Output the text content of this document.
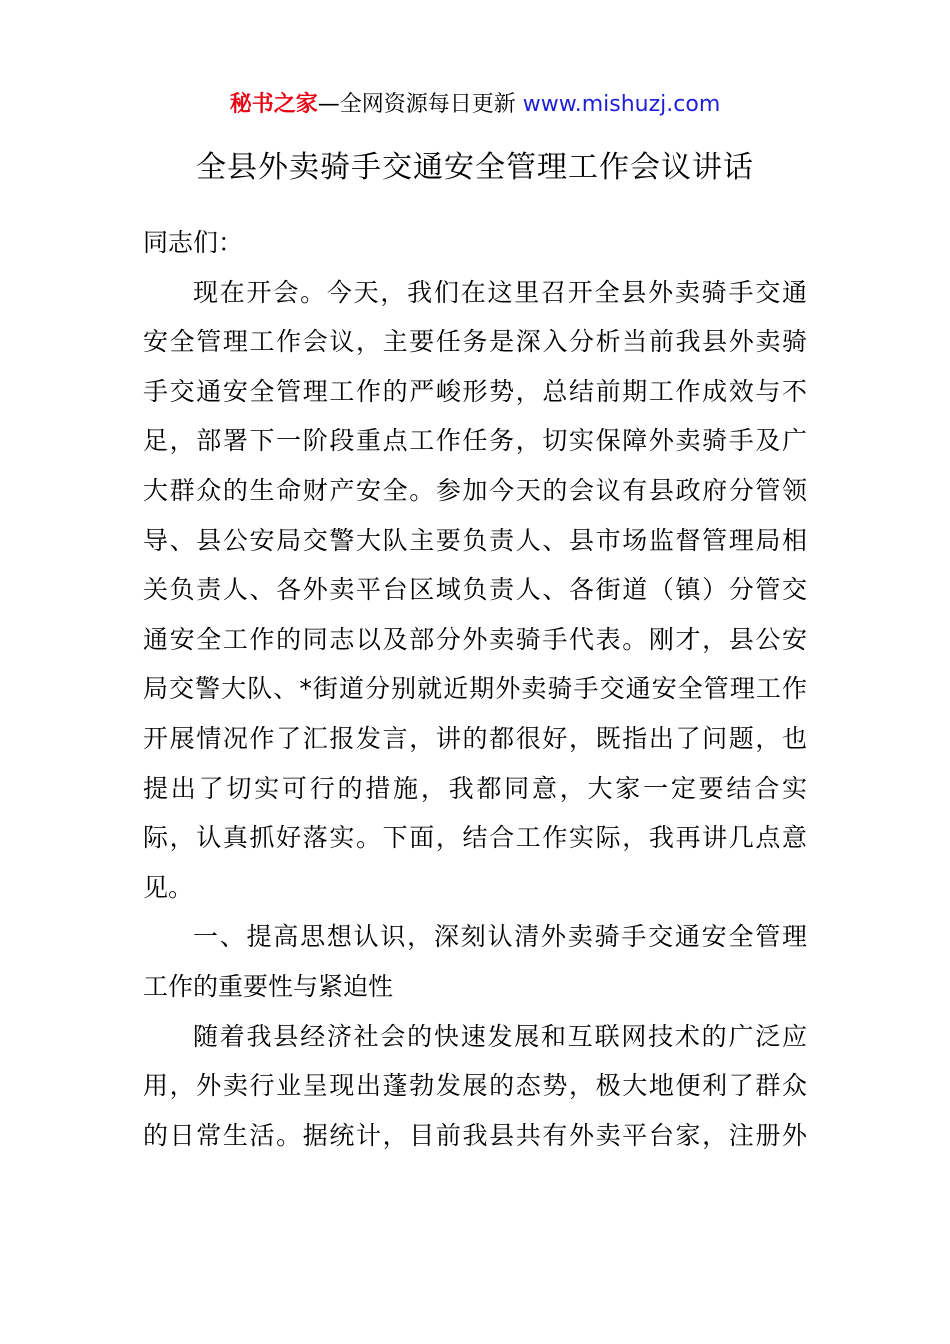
秘书之家—全网资源每日更新 www.mishuzj.com
全县外卖骑手交通安全管理工作会议讲话
同志们：
现在开会。今天，我们在这里召开全县外卖骑手交通
安全管理工作会议，主要任务是深入分析当前我县外卖骑
手交通安全管理工作的严峻形势，总结前期工作成效与不
足，部署下一阶段重点工作任务，切实保障外卖骑手及广
大群众的生命财产安全。参加今天的会议有县政府分管领
导、县公安局交警大队主要负责人、县市场监督管理局相
关负责人、各外卖平台区域负责人、各街道（镇）分管交
通安全工作的同志以及部分外卖骑手代表。刚才，县公安
局交警大队、*街道分别就近期外卖骑手交通安全管理工作
开展情况作了汇报发言，讲的都很好，既指出了问题，也
提出了切实可行的措施，我都同意，大家一定要结合实
际，认真抓好落实。下面，结合工作实际，我再讲几点意
见。
一、提高思想认识，深刻认清外卖骑手交通安全管理
工作的重要性与紧迫性
随着我县经济社会的快速发展和互联网技术的广泛应
用，外卖行业呈现出蓬勃发展的态势，极大地便利了群众
的日常生活。据统计，目前我县共有外卖平台家，注册外
